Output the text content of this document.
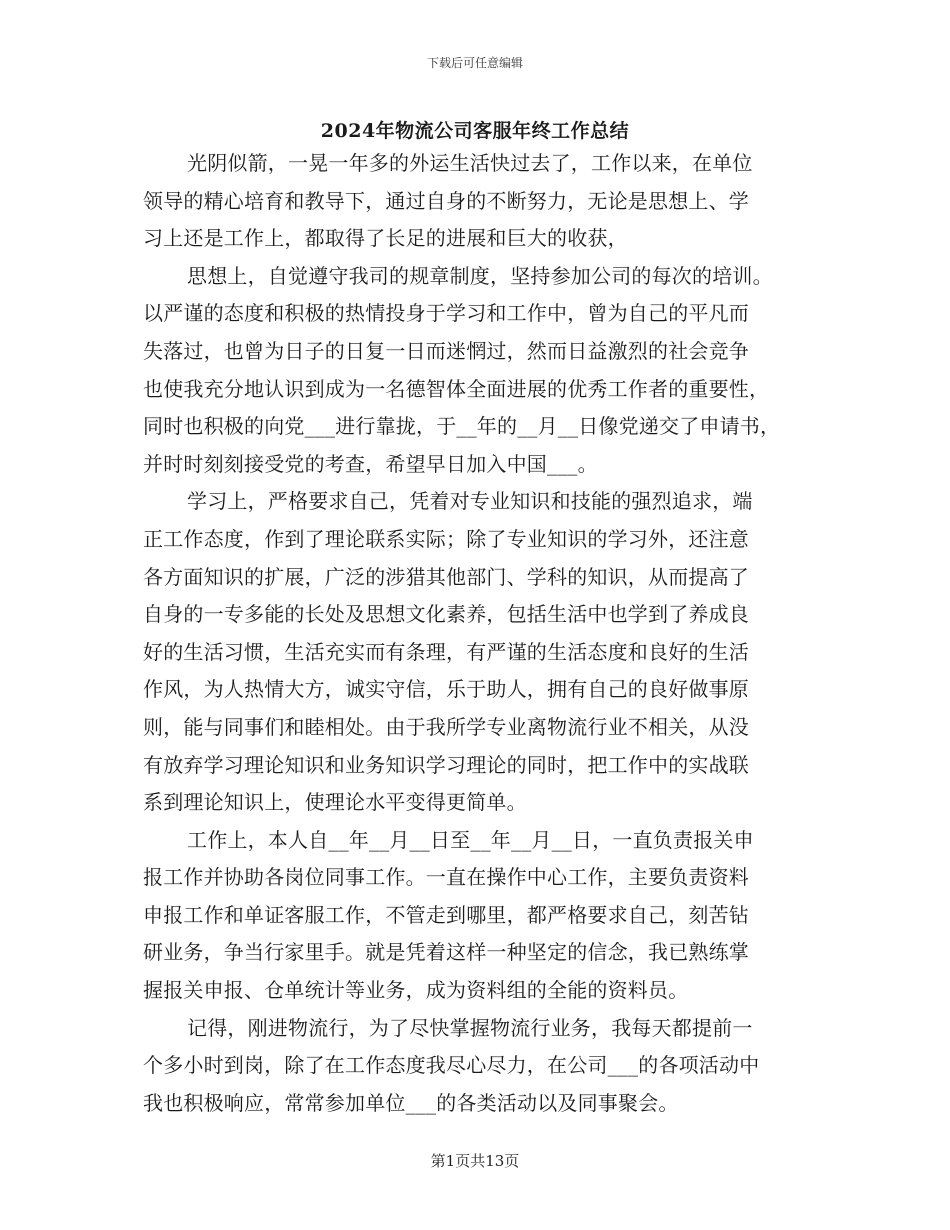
下载后可任意编辑
2024年物流公司客服年终工作总结
光阴似箭，一晃一年多的外运生活快过去了，工作以来，在单位
领导的精心培育和教导下，通过自身的不断努力，无论是思想上、学
习上还是工作上，都取得了长足的进展和巨大的收获，
思想上，自觉遵守我司的规章制度，坚持参加公司的每次的培训。
以严谨的态度和积极的热情投身于学习和工作中，曾为自己的平凡而
失落过，也曾为日子的日复一日而迷惘过，然而日益激烈的社会竞争
也使我充分地认识到成为一名德智体全面进展的优秀工作者的重要性，
同时也积极的向党___进行靠拢，于__年的__月__日像党递交了申请书，
并时时刻刻接受党的考查，希望早日加入中国___。
学习上，严格要求自己，凭着对专业知识和技能的强烈追求，端
正工作态度，作到了理论联系实际；除了专业知识的学习外，还注意
各方面知识的扩展，广泛的涉猎其他部门、学科的知识，从而提高了
自身的一专多能的长处及思想文化素养，包括生活中也学到了养成良
好的生活习惯，生活充实而有条理，有严谨的生活态度和良好的生活
作风，为人热情大方，诚实守信，乐于助人，拥有自己的良好做事原
则，能与同事们和睦相处。由于我所学专业离物流行业不相关，从没
有放弃学习理论知识和业务知识学习理论的同时，把工作中的实战联
系到理论知识上，使理论水平变得更简单。
工作上，本人自__年__月__日至__年__月__日，一直负责报关申
报工作并协助各岗位同事工作。一直在操作中心工作，主要负责资料
申报工作和单证客服工作，不管走到哪里，都严格要求自己，刻苦钻
研业务，争当行家里手。就是凭着这样一种坚定的信念，我已熟练掌
握报关申报、仓单统计等业务，成为资料组的全能的资料员。
记得，刚进物流行，为了尽快掌握物流行业务，我每天都提前一
个多小时到岗，除了在工作态度我尽心尽力，在公司___的各项活动中
我也积极响应，常常参加单位___的各类活动以及同事聚会。
第1页共13页
